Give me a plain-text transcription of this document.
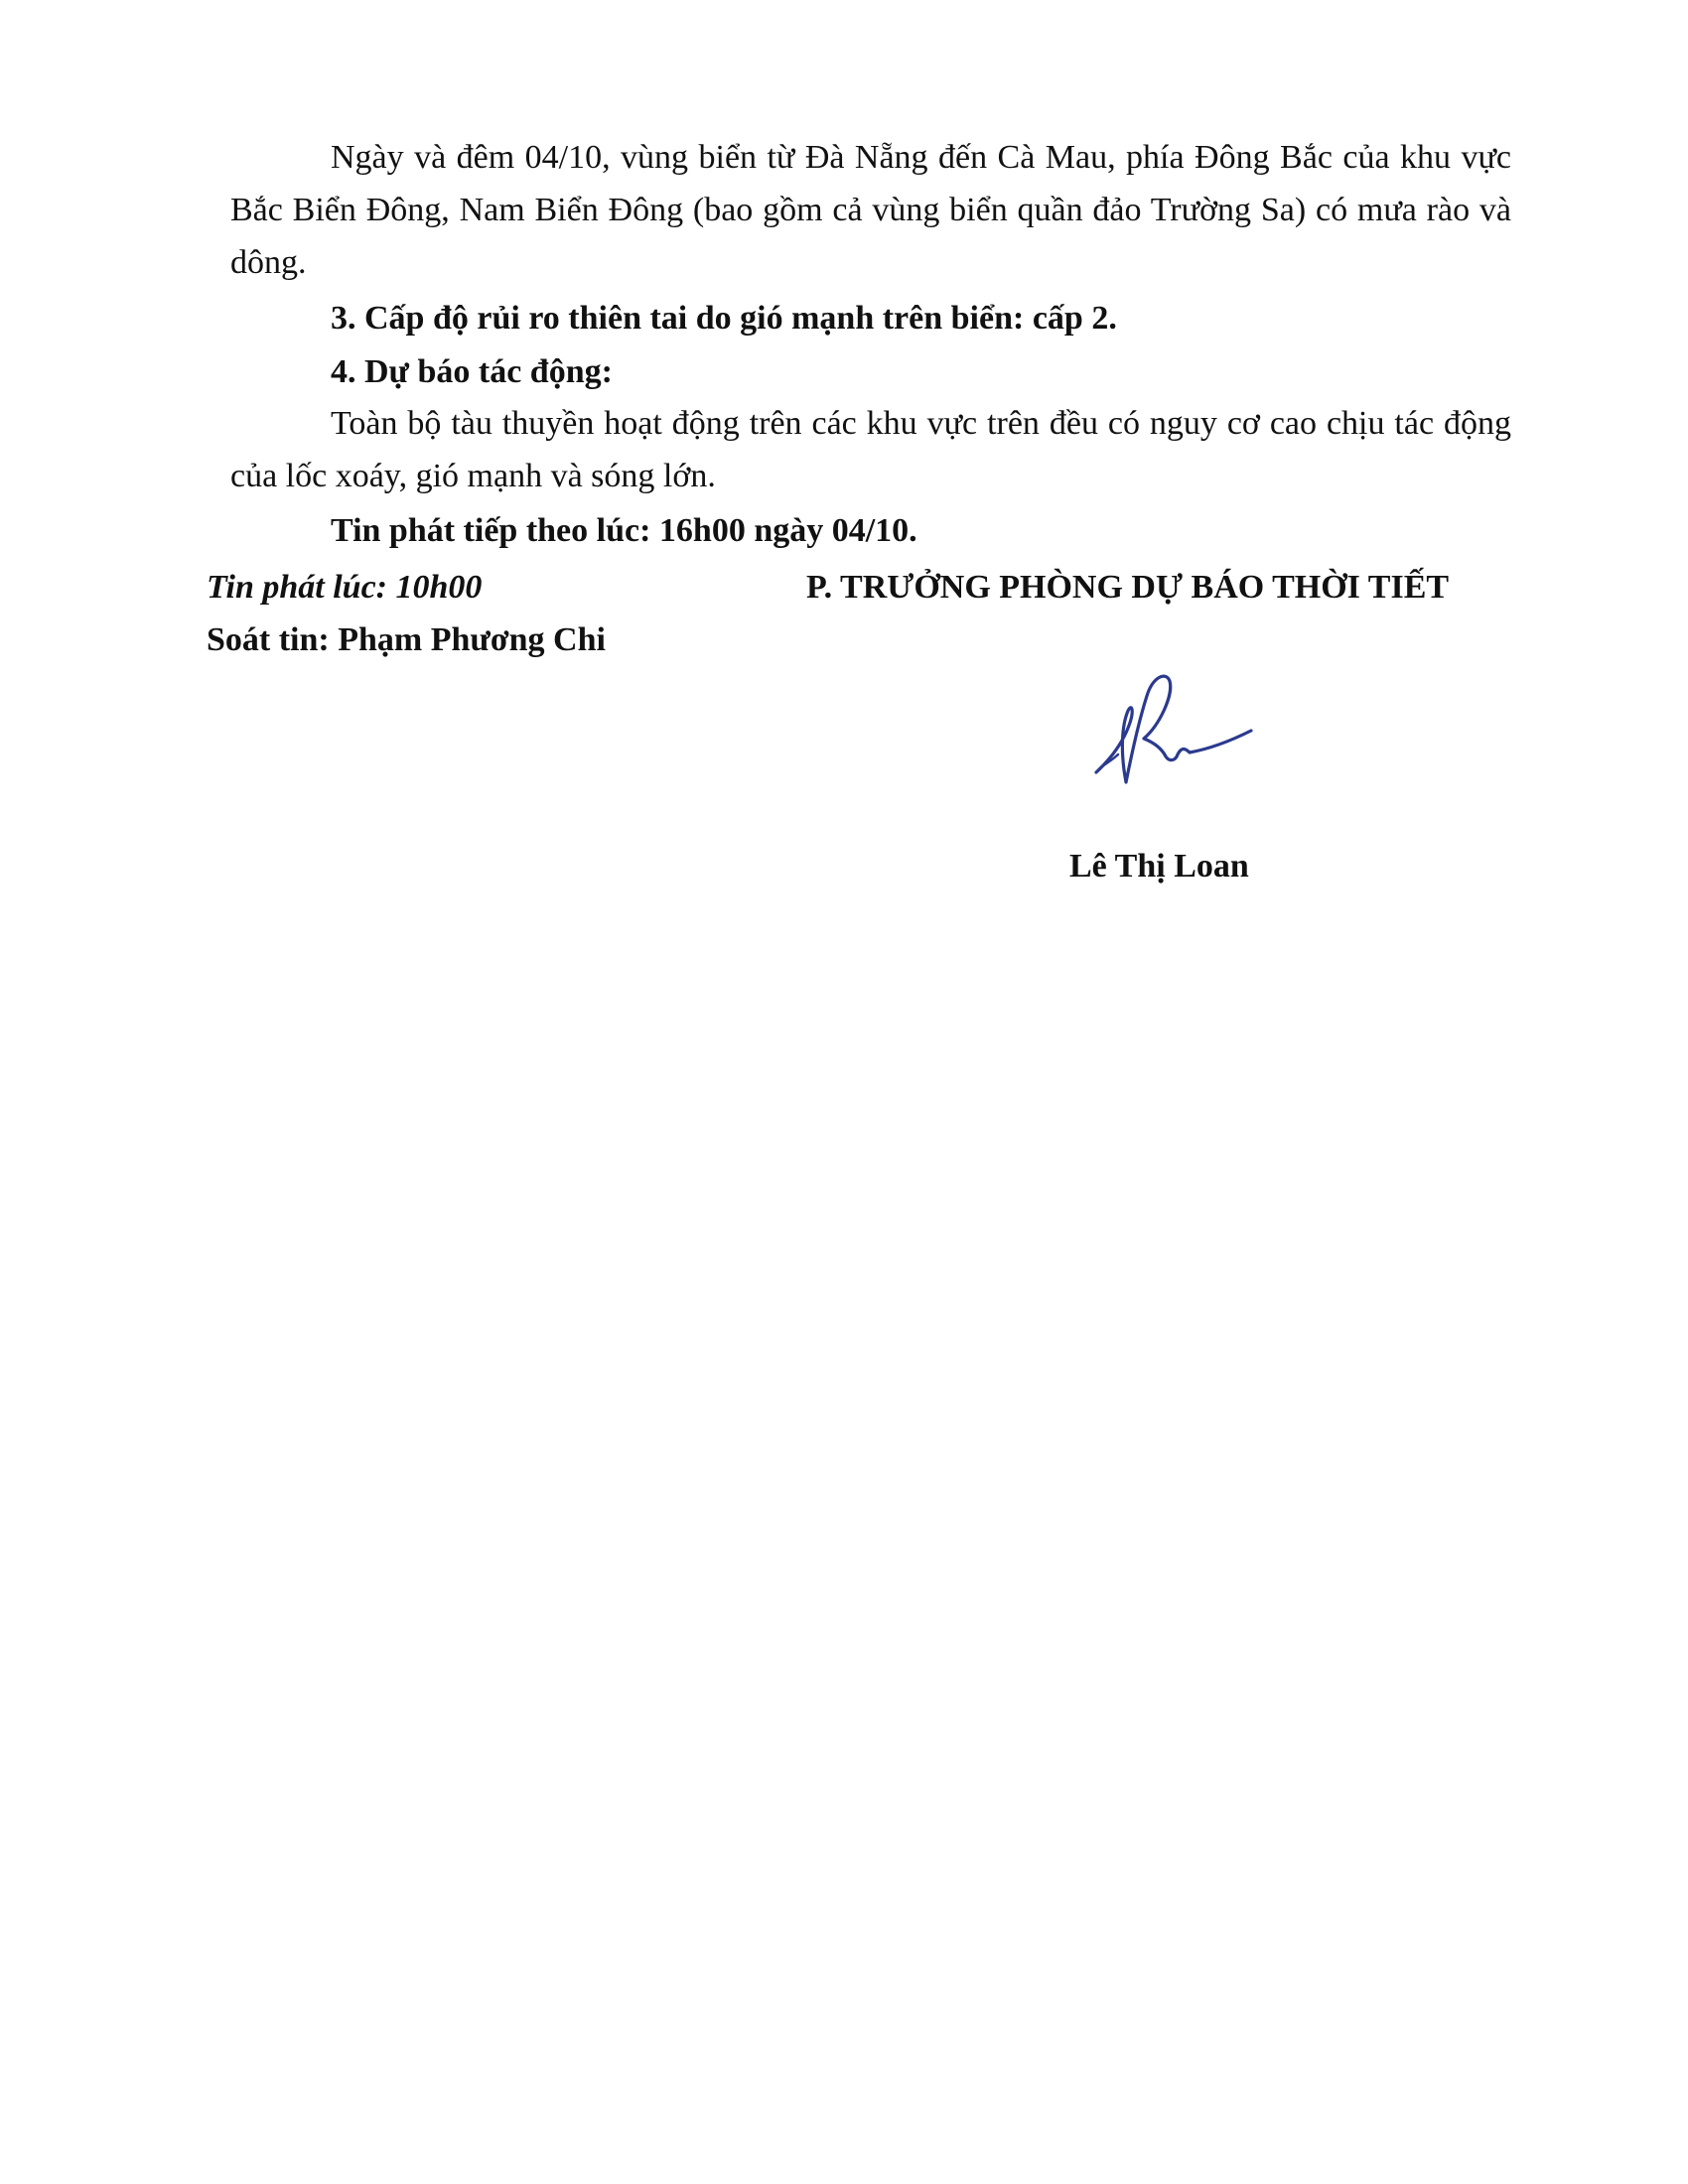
Ngày và đêm 04/10, vùng biển từ Đà Nẵng đến Cà Mau, phía Đông Bắc của khu vực Bắc Biển Đông, Nam Biển Đông (bao gồm cả vùng biển quần đảo Trường Sa) có mưa rào và dông.

3. Cấp độ rủi ro thiên tai do gió mạnh trên biển: cấp 2.

4. Dự báo tác động:

Toàn bộ tàu thuyền hoạt động trên các khu vực trên đều có nguy cơ cao chịu tác động của lốc xoáy, gió mạnh và sóng lớn.

Tin phát tiếp theo lúc: 16h00 ngày 04/10.

Tin phát lúc: 10h00
Soát tin: Phạm Phương Chi
P. TRƯỞNG PHÒNG DỰ BÁO THỜI TIẾT
Lê Thị Loan
